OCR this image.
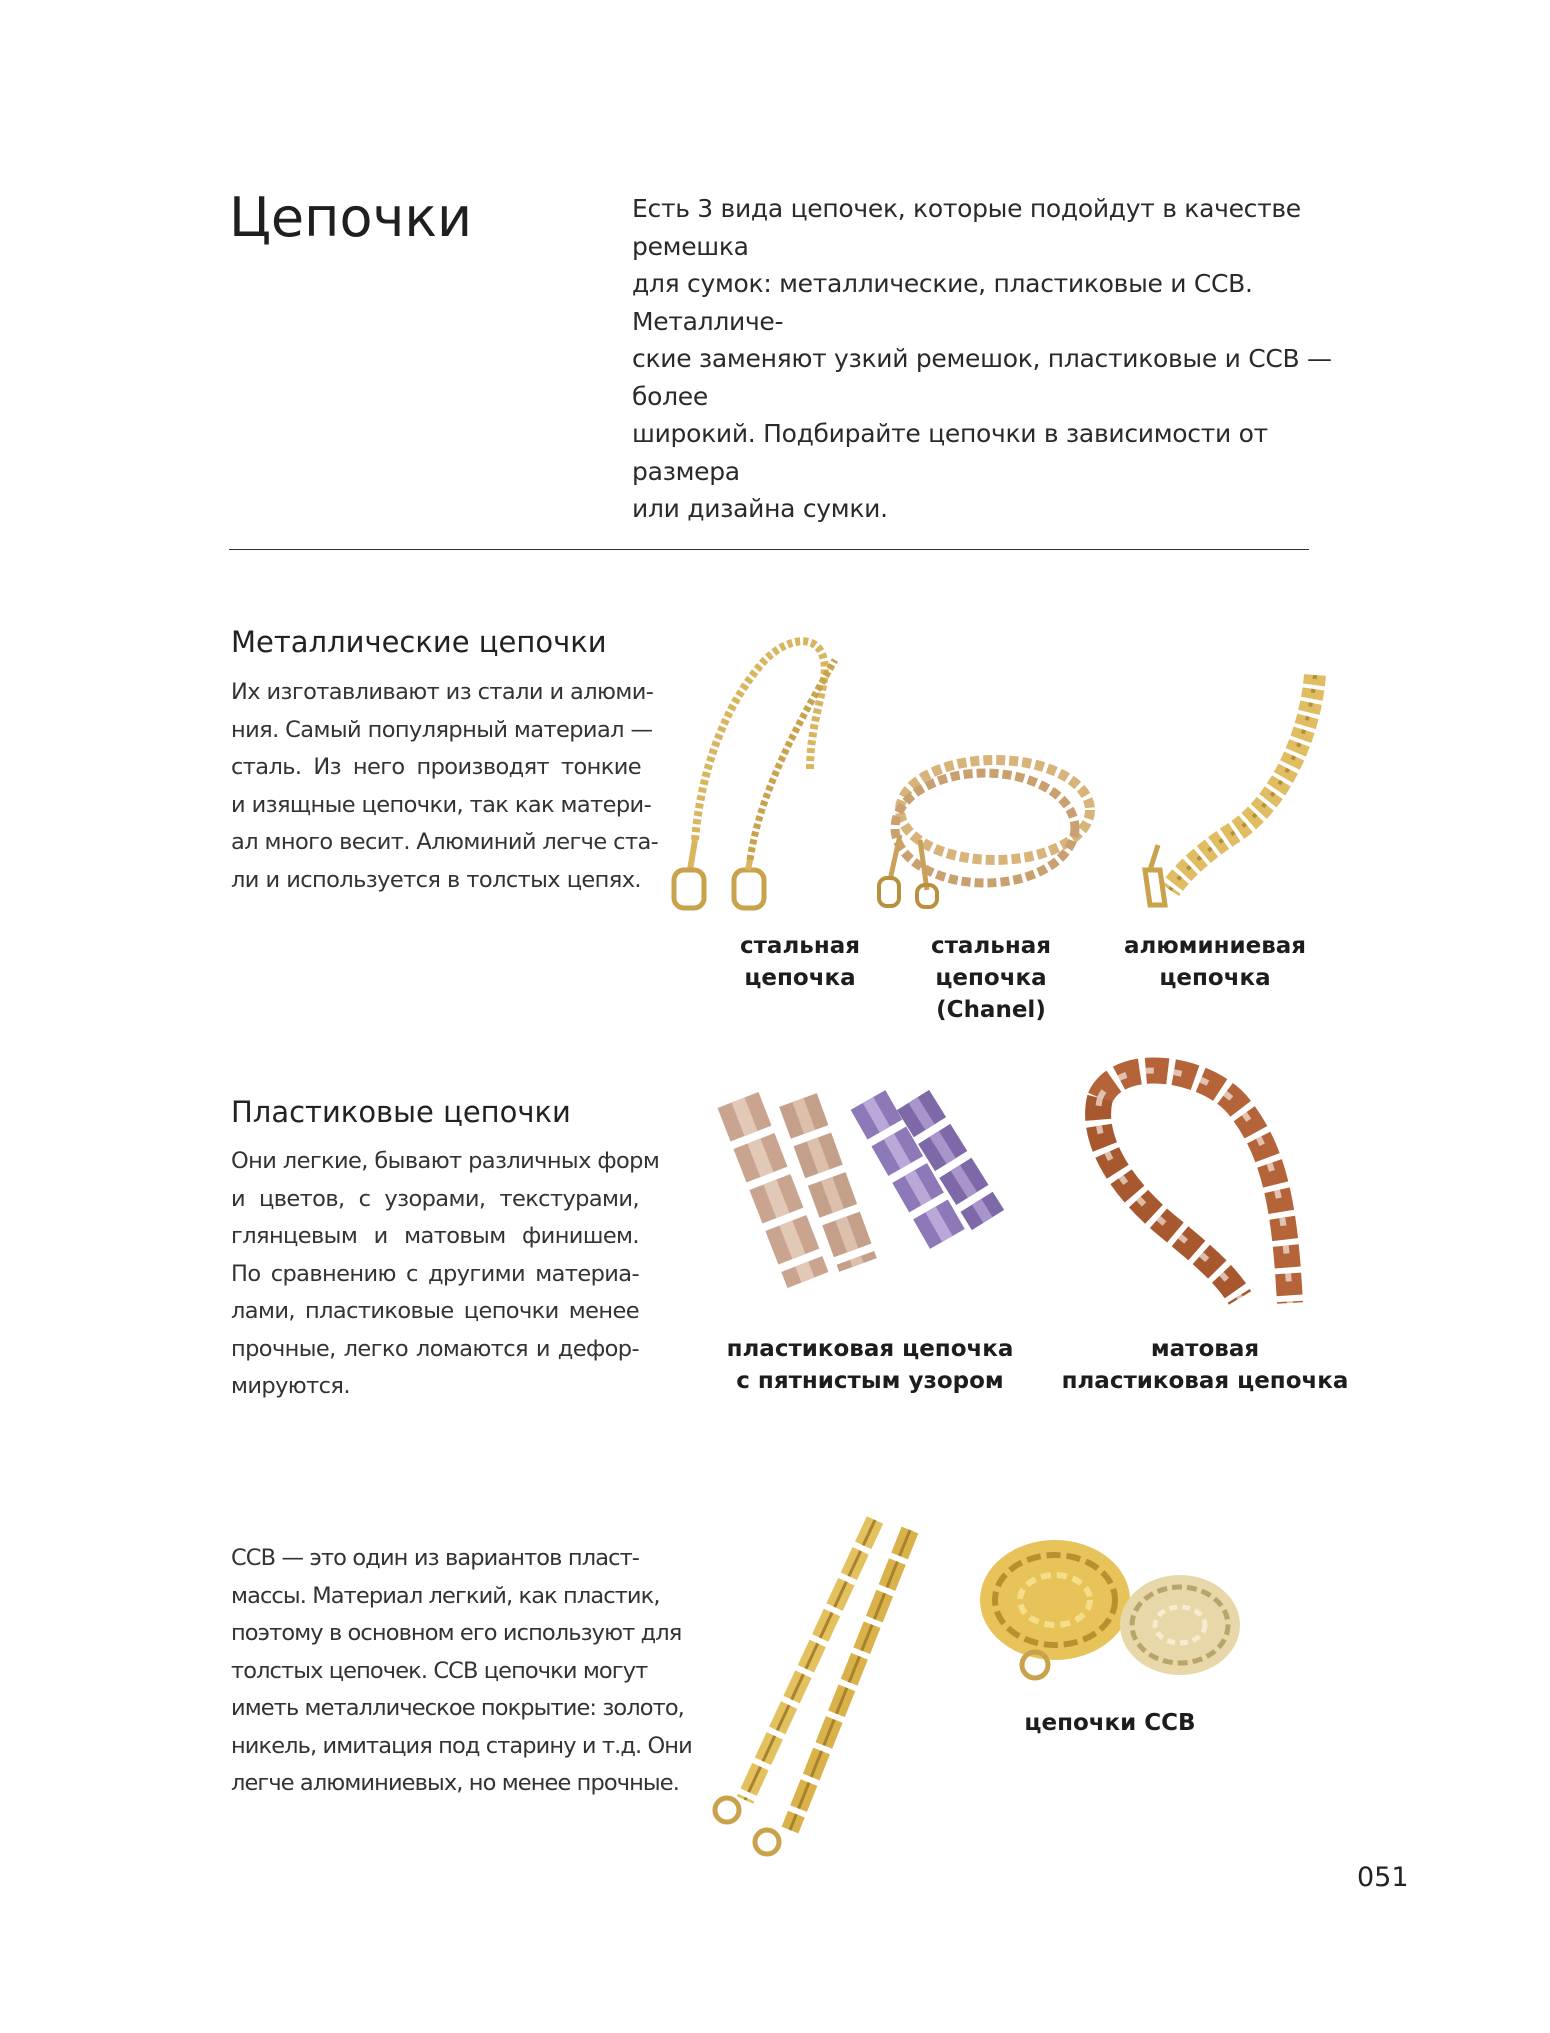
Цепочки	Есть 3 вида цепочек, которые подойдут в качестве ремешка
для сумок: металлические, пластиковые и CCB. Металличе-
ские заменяют узкий ремешок, пластиковые и CCB — более
широкий. Подбирайте цепочки в зависимости от размера
или дизайна сумки.
Металлические цепочки
Их изготавливают из стали и алюми-
ния. Самый популярный материал —
сталь. Из него производят тонкие
и изящные цепочки, так как матери-
ал много весит. Алюминий легче ста-
ли и используется в толстых цепях.
стальная
цепочка
стальная цепочка
(Chanel)
алюминиевая
цепочка
Пластиковые цепочки
Они легкие, бывают различных форм
и цветов, с узорами, текстурами,
глянцевым и матовым финишем.
По сравнению с другими материа-
лами, пластиковые цепочки менее
прочные, легко ломаются и дефор-
мируются.
пластиковая цепочка
с пятнистым узором
матовая
пластиковая цепочка
CCB — это один из вариантов пласт-
массы. Материал легкий, как пластик,
поэтому в основном его используют для
толстых цепочек. CCB цепочки могут
иметь металлическое покрытие: золото,
никель, имитация под старину и т.д. Они
легче алюминиевых, но менее прочные.
цепочки CCB
051
